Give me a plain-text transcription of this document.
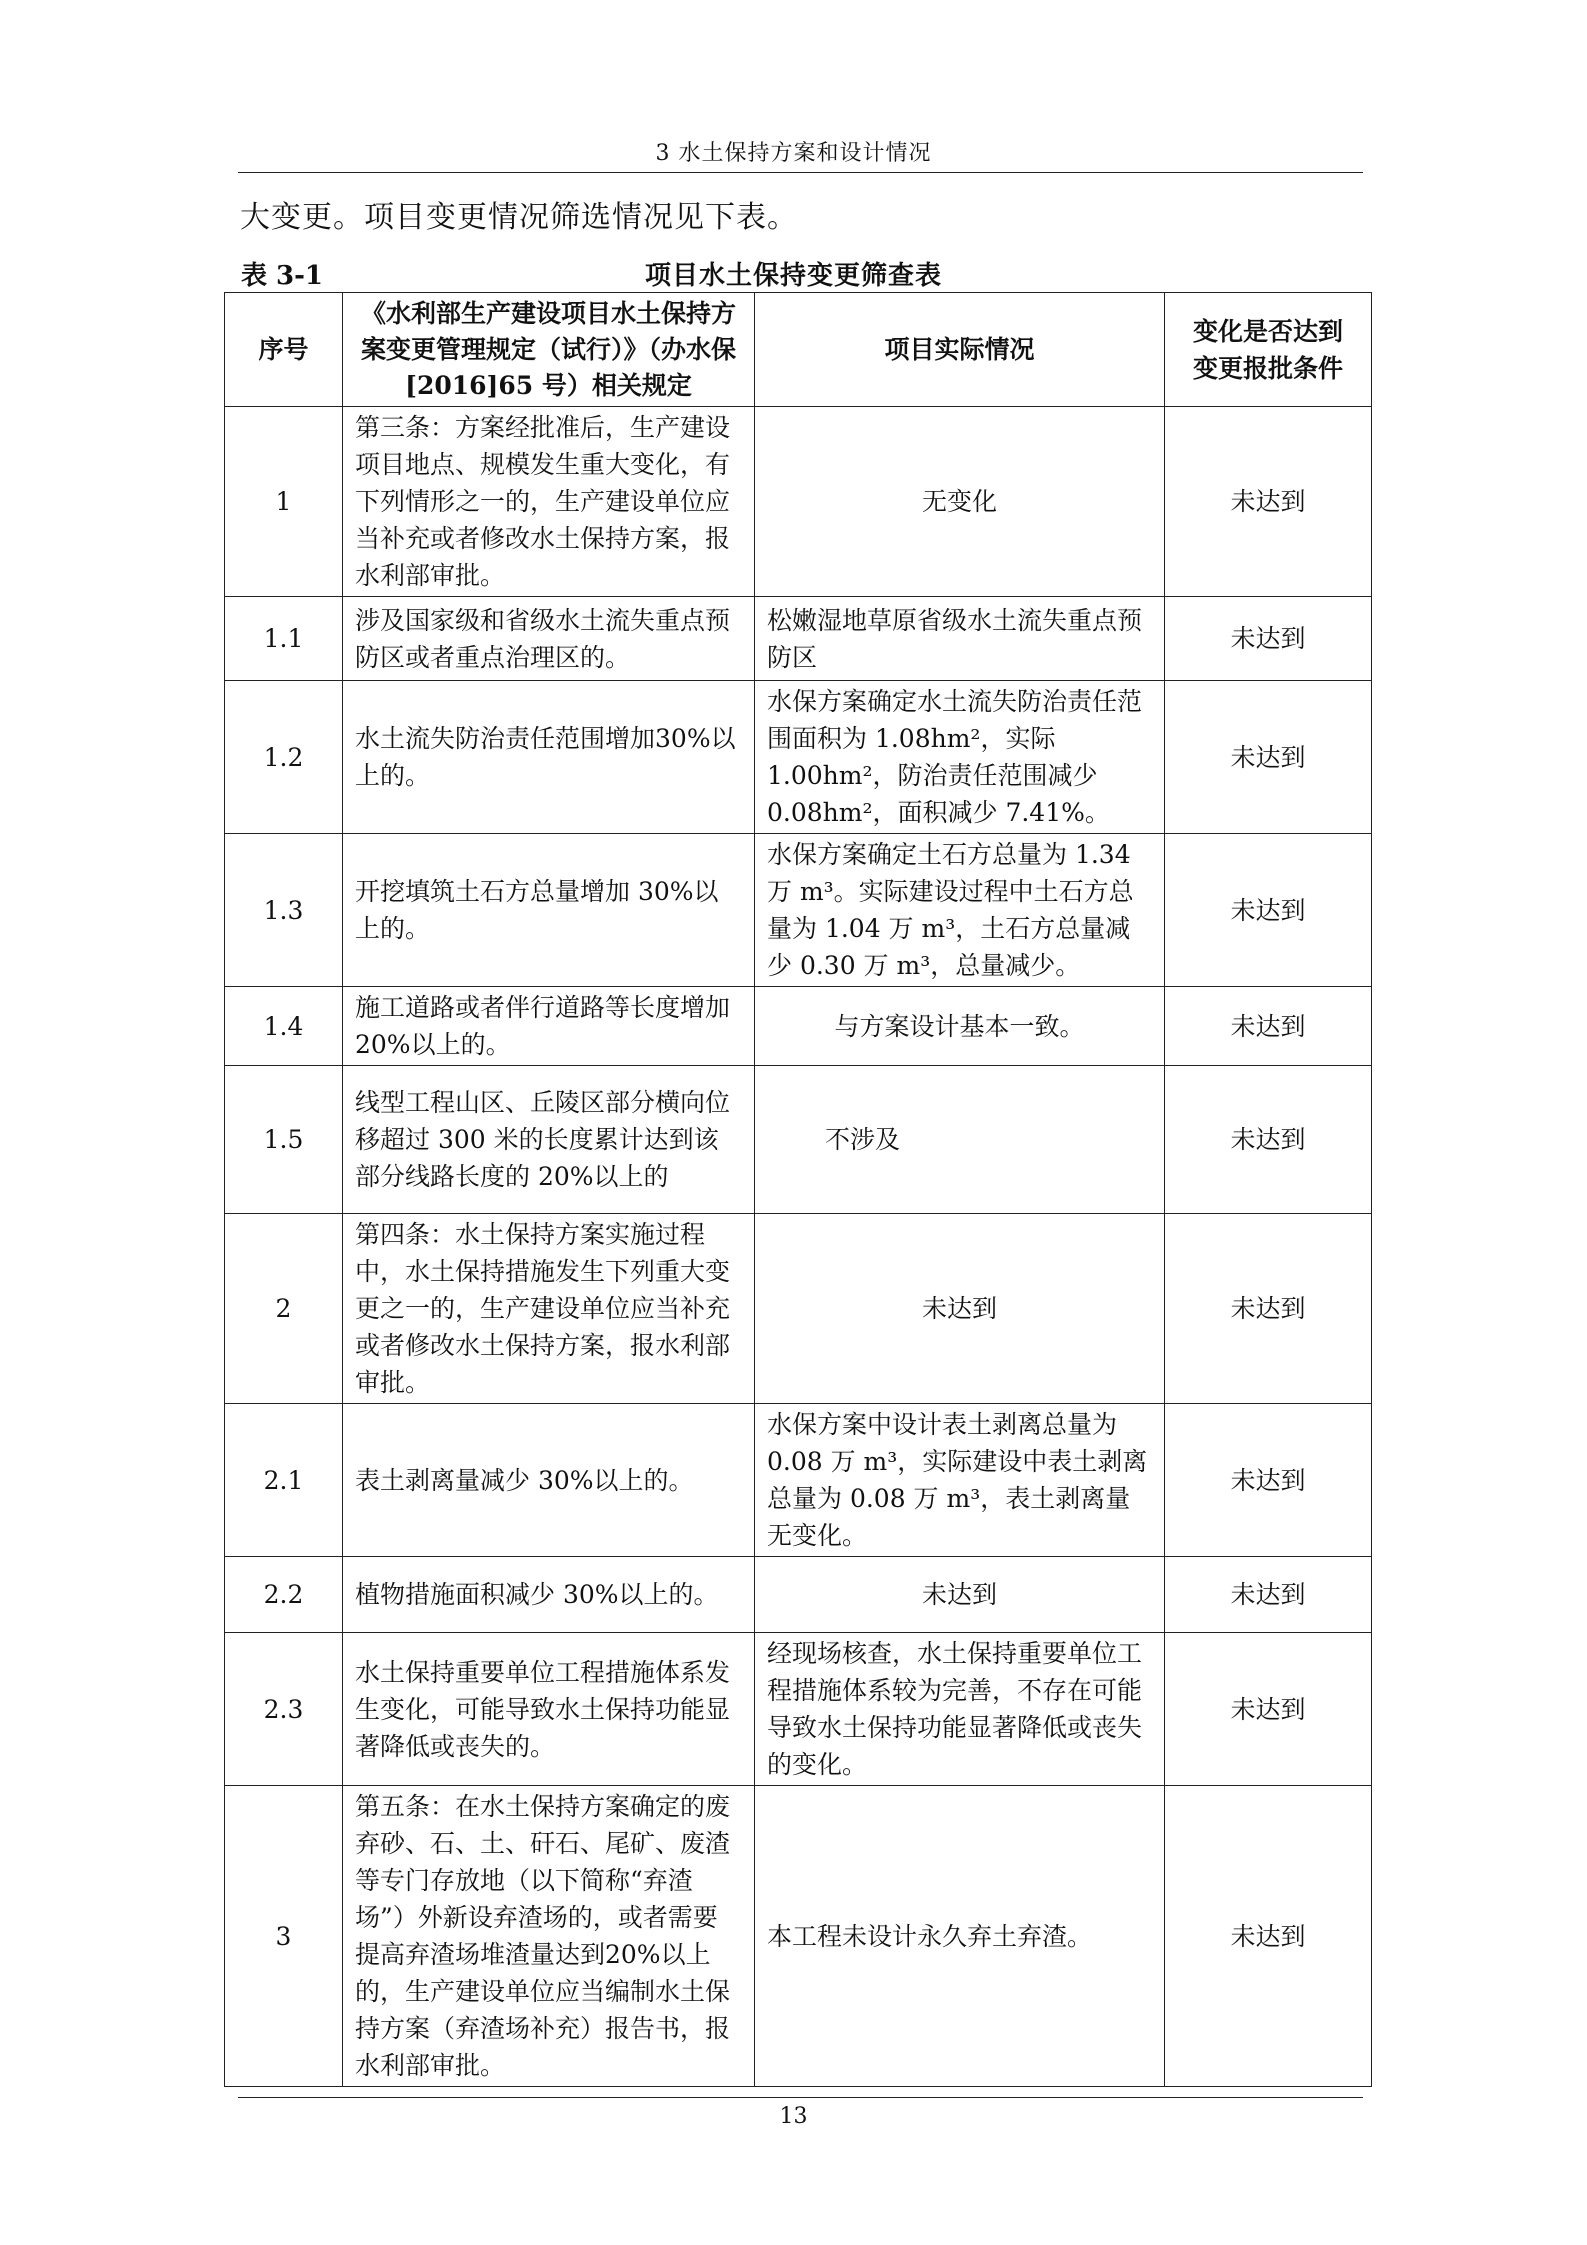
3 水土保持方案和设计情况
大变更。项目变更情况筛选情况见下表。
表 3-1	项目水土保持变更筛查表
序号	《水利部生产建设项目水土保持方案变更管理规定（试行）》（办水保[2016]65 号）相关规定	项目实际情况	变化是否达到变更报批条件
1	第三条：方案经批准后，生产建设项目地点、规模发生重大变化，有下列情形之一的，生产建设单位应当补充或者修改水土保持方案，报水利部审批。	无变化	未达到
1.1	涉及国家级和省级水土流失重点预防区或者重点治理区的。	松嫩湿地草原省级水土流失重点预防区	未达到
1.2	水土流失防治责任范围增加30%以上的。	水保方案确定水土流失防治责任范围面积为 1.08hm²，实际 1.00hm²，防治责任范围减少 0.08hm²，面积减少 7.41%。	未达到
1.3	开挖填筑土石方总量增加 30%以上的。	水保方案确定土石方总量为 1.34 万 m³。实际建设过程中土石方总量为 1.04 万 m³，土石方总量减少 0.30 万 m³，总量减少。	未达到
1.4	施工道路或者伴行道路等长度增加 20%以上的。	与方案设计基本一致。	未达到
1.5	线型工程山区、丘陵区部分横向位移超过 300 米的长度累计达到该部分线路长度的 20%以上的	不涉及	未达到
2	第四条：水土保持方案实施过程中，水土保持措施发生下列重大变更之一的，生产建设单位应当补充或者修改水土保持方案，报水利部审批。	未达到	未达到
2.1	表土剥离量减少 30%以上的。	水保方案中设计表土剥离总量为 0.08 万 m³，实际建设中表土剥离总量为 0.08 万 m³，表土剥离量无变化。	未达到
2.2	植物措施面积减少 30%以上的。	未达到	未达到
2.3	水土保持重要单位工程措施体系发生变化，可能导致水土保持功能显著降低或丧失的。	经现场核查，水土保持重要单位工程措施体系较为完善，不存在可能导致水土保持功能显著降低或丧失的变化。	未达到
3	第五条：在水土保持方案确定的废弃砂、石、土、矸石、尾矿、废渣等专门存放地（以下简称“弃渣场”）外新设弃渣场的，或者需要提高弃渣场堆渣量达到20%以上的，生产建设单位应当编制水土保持方案（弃渣场补充）报告书，报水利部审批。	本工程未设计永久弃土弃渣。	未达到
13
